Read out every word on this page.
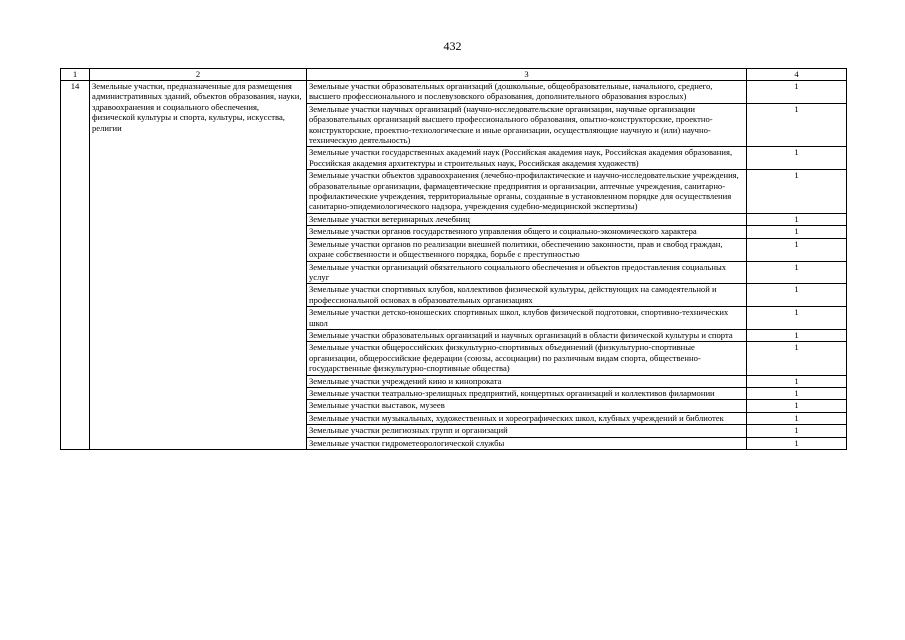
432
1	2	3	4
14	Земельные участки, предназначенные для размещения административных зданий, объектов образования, науки, здравоохранения и социального обеспечения, физической культуры и спорта, культуры, искусства, религии	Земельные участки образовательных организаций (дошкольные, общеобразовательные, начального, среднего, высшего профессионального и послевузовского образования, дополнительного образования взрослых)	1
		Земельные участки научных организаций (научно-исследовательские организации, научные организации образовательных организаций высшего профессионального образования, опытно-конструкторские, проектно-конструкторские, проектно-технологические и иные организации, осуществляющие научную и (или) научно-техническую деятельность)	1
		Земельные участки государственных академий наук (Российская академия наук, Российская академия образования, Российская академия архитектуры и строительных наук, Российская академия художеств)	1
		Земельные участки объектов здравоохранения (лечебно-профилактические и научно-исследовательские учреждения, образовательные организации, фармацевтические предприятия и организации, аптечные учреждения, санитарно-профилактические учреждения, территориальные органы, созданные в установленном порядке для осуществления санитарно-эпидемиологического надзора, учреждения судебно-медицинской экспертизы)	1
		Земельные участки ветеринарных лечебниц	1
		Земельные участки органов государственного управления общего и социально-экономического характера	1
		Земельные участки органов по реализации внешней политики, обеспечению законности, прав и свобод граждан, охране собственности и общественного порядка, борьбе с преступностью	1
		Земельные участки организаций обязательного социального обеспечения и объектов предоставления социальных услуг	1
		Земельные участки спортивных клубов, коллективов физической культуры, действующих на самодеятельной и профессиональной основах в образовательных организациях	1
		Земельные участки детско-юношеских спортивных школ, клубов физической подготовки, спортивно-технических школ	1
		Земельные участки образовательных организаций и научных организаций в области физической культуры и спорта	1
		Земельные участки общероссийских физкультурно-спортивных объединений (физкультурно-спортивные организации, общероссийские федерации (союзы, ассоциации) по различным видам спорта, общественно-государственные физкультурно-спортивные общества)	1
		Земельные участки учреждений кино и кинопроката	1
		Земельные участки театрально-зрелищных предприятий, концертных организаций и коллективов филармонии	1
		Земельные участки выставок, музеев	1
		Земельные участки музыкальных, художественных и хореографических школ, клубных учреждений и библиотек	1
		Земельные участки религиозных групп и организаций	1
		Земельные участки гидрометеорологической службы	1
